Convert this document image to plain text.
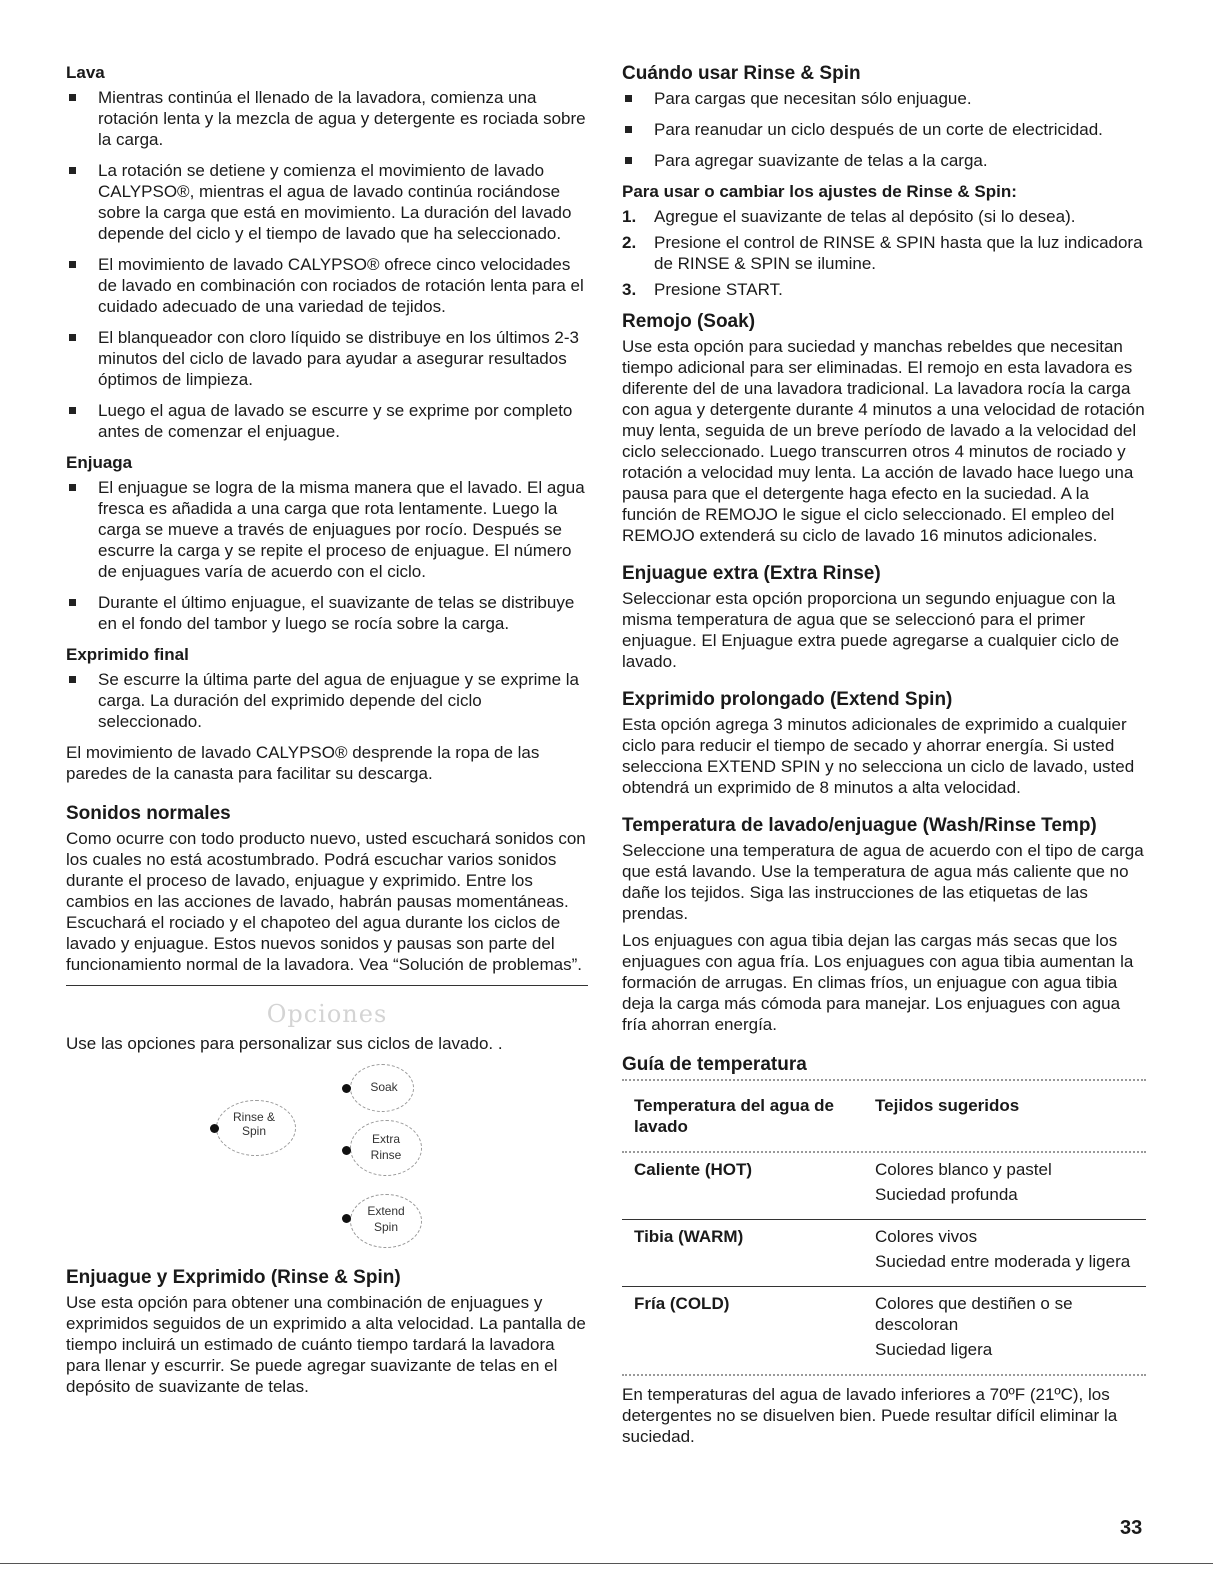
Lava
Mientras continúa el llenado de la lavadora, comienza una rotación lenta y la mezcla de agua y detergente es rociada sobre la carga.
La rotación se detiene y comienza el movimiento de lavado CALYPSO®, mientras el agua de lavado continúa rociándose sobre la carga que está en movimiento. La duración del lavado depende del ciclo y el tiempo de lavado que ha seleccionado.
El movimiento de lavado CALYPSO® ofrece cinco velocidades de lavado en combinación con rociados de rotación lenta para el cuidado adecuado de una variedad de tejidos.
El blanqueador con cloro líquido se distribuye en los últimos 2-3 minutos del ciclo de lavado para ayudar a asegurar resultados óptimos de limpieza.
Luego el agua de lavado se escurre y se exprime por completo antes de comenzar el enjuague.
Enjuaga
El enjuague se logra de la misma manera que el lavado. El agua fresca es añadida a una carga que rota lentamente. Luego la carga se mueve a través de enjuagues por rocío. Después se escurre la carga y se repite el proceso de enjuague. El número de enjuagues varía de acuerdo con el ciclo.
Durante el último enjuague, el suavizante de telas se distribuye en el fondo del tambor y luego se rocía sobre la carga.
Exprimido final
Se escurre la última parte del agua de enjuague y se exprime la carga. La duración del exprimido depende del ciclo seleccionado.

El movimiento de lavado CALYPSO® desprende la ropa de las paredes de la canasta para facilitar su descarga.

Sonidos normales

Como ocurre con todo producto nuevo, usted escuchará sonidos con los cuales no está acostumbrado. Podrá escuchar varios sonidos durante el proceso de lavado, enjuague y exprimido. Entre los cambios en las acciones de lavado, habrán pausas momentáneas. Escuchará el rociado y el chapoteo del agua durante los ciclos de lavado y enjuague. Estos nuevos sonidos y pausas son parte del funcionamiento normal de la lavadora. Vea “Solución de problemas”.

Opciones

Use las opciones para personalizar sus ciclos de lavado. .

Soak
Rinse &
Spin
Extra
Rinse
Extend
Spin
Enjuague y Exprimido (Rinse & Spin)

Use esta opción para obtener una combinación de enjuagues y exprimidos seguidos de un exprimido a alta velocidad. La pantalla de tiempo incluirá un estimado de cuánto tiempo tardará la lavadora para llenar y escurrir. Se puede agregar suavizante de telas en el depósito de suavizante de telas.

Cuándo usar Rinse & Spin
Para cargas que necesitan sólo enjuague.
Para reanudar un ciclo después de un corte de electricidad.
Para agregar suavizante de telas a la carga.
Para usar o cambiar los ajustes de Rinse & Spin:
1. Agregue el suavizante de telas al depósito (si lo desea).
2. Presione el control de RINSE & SPIN hasta que la luz indicadora de RINSE & SPIN se ilumine.
3. Presione START.
Remojo (Soak)

Use esta opción para suciedad y manchas rebeldes que necesitan tiempo adicional para ser eliminadas. El remojo en esta lavadora es diferente del de una lavadora tradicional. La lavadora rocía la carga con agua y detergente durante 4 minutos a una velocidad de rotación muy lenta, seguida de un breve período de lavado a la velocidad del ciclo seleccionado. Luego transcurren otros 4 minutos de rociado y rotación a velocidad muy lenta. La acción de lavado hace luego una pausa para que el detergente haga efecto en la suciedad. A la función de REMOJO le sigue el ciclo seleccionado. El empleo del REMOJO extenderá su ciclo de lavado 16 minutos adicionales.

Enjuague extra (Extra Rinse)

Seleccionar esta opción proporciona un segundo enjuague con la misma temperatura de agua que se seleccionó para el primer enjuague. El Enjuague extra puede agregarse a cualquier ciclo de lavado.

Exprimido prolongado (Extend Spin)

Esta opción agrega 3 minutos adicionales de exprimido a cualquier ciclo para reducir el tiempo de secado y ahorrar energía. Si usted selecciona EXTEND SPIN y no selecciona un ciclo de lavado, usted obtendrá un exprimido de 8 minutos a alta velocidad.

Temperatura de lavado/enjuague (Wash/Rinse Temp)

Seleccione una temperatura de agua de acuerdo con el tipo de carga que está lavando. Use la temperatura de agua más caliente que no dañe los tejidos. Siga las instrucciones de las etiquetas de las prendas.

Los enjuagues con agua tibia dejan las cargas más secas que los enjuagues con agua fría. Los enjuagues con agua tibia aumentan la formación de arrugas. En climas fríos, un enjuague con agua tibia deja la carga más cómoda para manejar. Los enjuagues con agua fría ahorran energía.

Guía de temperatura
Temperatura del agua de lavado	Tejidos sugeridos

Caliente (HOT)	Colores blanco y pastel

Suciedad profunda

Tibia (WARM)	Colores vivos

Suciedad entre moderada y ligera

Fría (COLD)	Colores que destiñen o se descoloran

Suciedad ligera

En temperaturas del agua de lavado inferiores a 70ºF (21ºC), los detergentes no se disuelven bien. Puede resultar difícil eliminar la suciedad.

33
